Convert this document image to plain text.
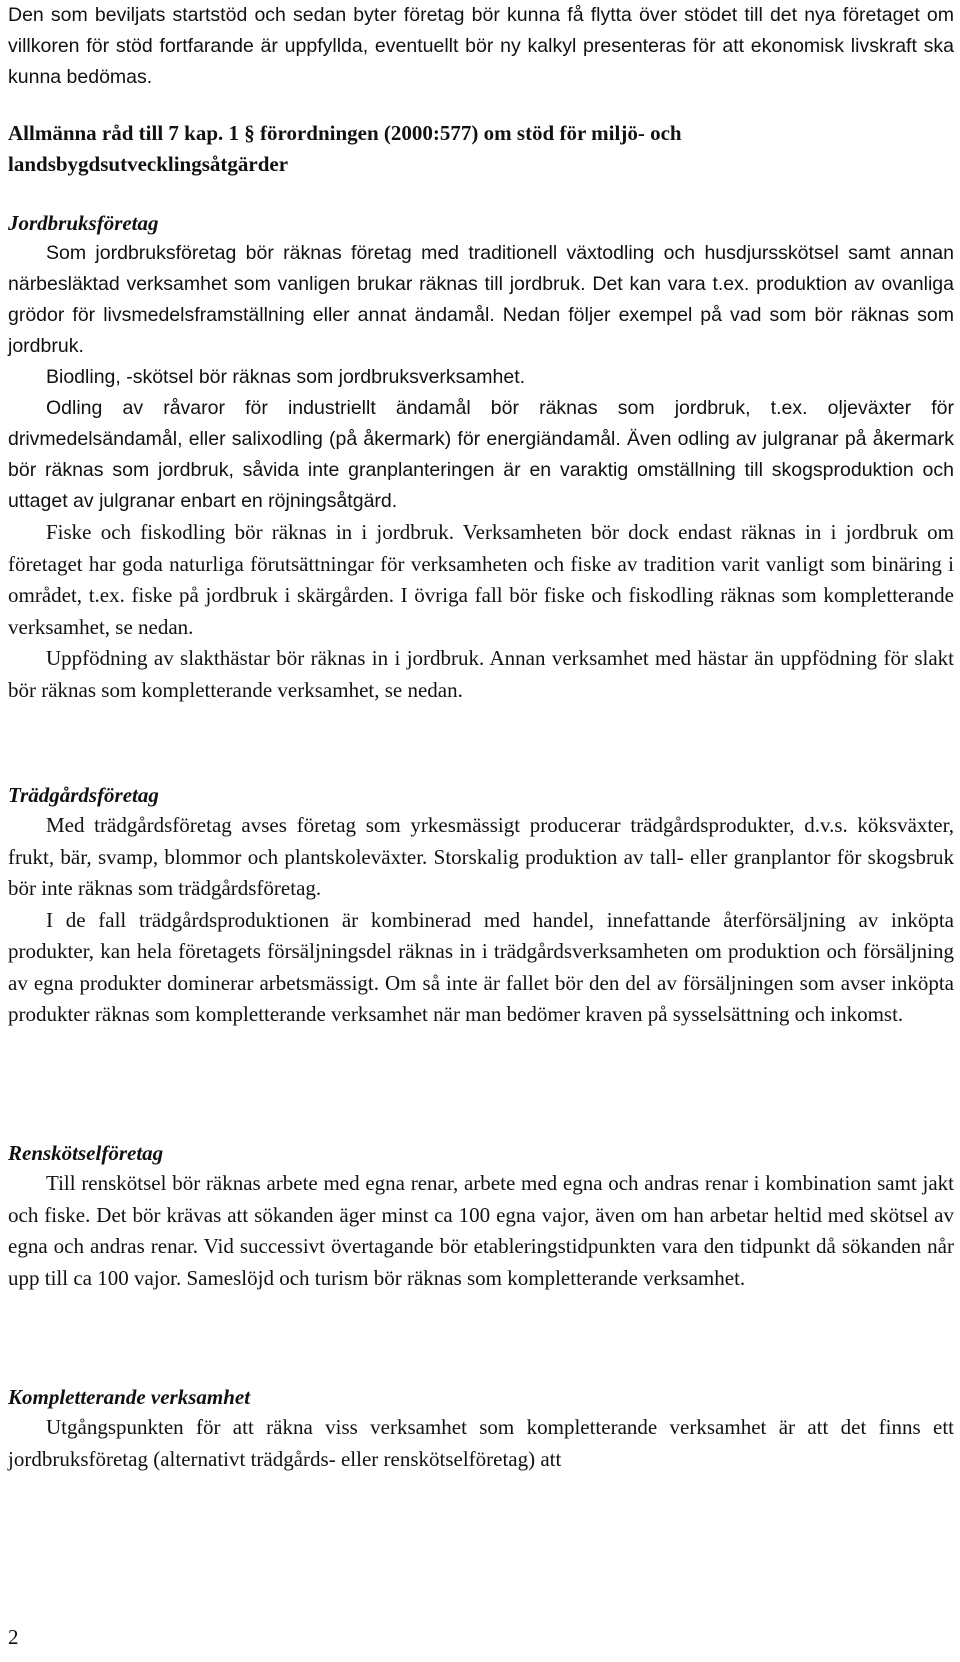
Den som beviljats startstöd och sedan byter företag bör kunna få flytta över stödet till det nya företaget om villkoren för stöd fortfarande är uppfyllda, eventuellt bör ny kalkyl presenteras för att ekonomisk livskraft ska kunna bedömas.

Allmänna råd till 7 kap. 1 § förordningen (2000:577) om stöd för miljö- och landsbygdsutvecklingsåtgärder
Jordbruksföretag

Som jordbruksföretag bör räknas företag med traditionell växtodling och husdjursskötsel samt annan närbesläktad verksamhet som vanligen brukar räknas till jordbruk. Det kan vara t.ex. produktion av ovanliga grödor för livsmedelsframställning eller annat ändamål. Nedan följer exempel på vad som bör räknas som jordbruk.

Biodling, -skötsel bör räknas som jordbruksverksamhet.

Odling av råvaror för industriellt ändamål bör räknas som jordbruk, t.ex. oljeväxter för drivmedelsändamål, eller salixodling (på åkermark) för energiändamål. Även odling av julgranar på åkermark bör räknas som jordbruk, såvida inte granplanteringen är en varaktig omställning till skogsproduktion och uttaget av julgranar enbart en röjningsåtgärd.

Fiske och fiskodling bör räknas in i jordbruk. Verksamheten bör dock endast räknas in i jordbruk om företaget har goda naturliga förutsättningar för verksamheten och fiske av tradition varit vanligt som binäring i området, t.ex. fiske på jordbruk i skärgården. I övriga fall bör fiske och fiskodling räknas som kompletterande verksamhet, se nedan.

Uppfödning av slakthästar bör räknas in i jordbruk. Annan verksamhet med hästar än uppfödning för slakt bör räknas som kompletterande verksamhet, se nedan.

Trädgårdsföretag

Med trädgårdsföretag avses företag som yrkesmässigt producerar trädgårdsprodukter, d.v.s. köksväxter, frukt, bär, svamp, blommor och plantskoleväxter. Storskalig produktion av tall- eller granplantor för skogsbruk bör inte räknas som trädgårdsföretag.

I de fall trädgårdsproduktionen är kombinerad med handel, innefattande återförsäljning av inköpta produkter, kan hela företagets försäljningsdel räknas in i trädgårdsverksamheten om produktion och försäljning av egna produkter dominerar arbetsmässigt. Om så inte är fallet bör den del av försäljningen som avser inköpta produkter räknas som kompletterande verksamhet när man bedömer kraven på sysselsättning och inkomst.

Renskötselföretag

Till renskötsel bör räknas arbete med egna renar, arbete med egna och andras renar i kombination samt jakt och fiske. Det bör krävas att sökanden äger minst ca 100 egna vajor, även om han arbetar heltid med skötsel av egna och andras renar. Vid successivt övertagande bör etableringstidpunkten vara den tidpunkt då sökanden når upp till ca 100 vajor. Sameslöjd och turism bör räknas som kompletterande verksamhet.

Kompletterande verksamhet

Utgångspunkten för att räkna viss verksamhet som kompletterande verksamhet är att det finns ett jordbruksföretag (alternativt trädgårds- eller renskötselföretag) att

2
